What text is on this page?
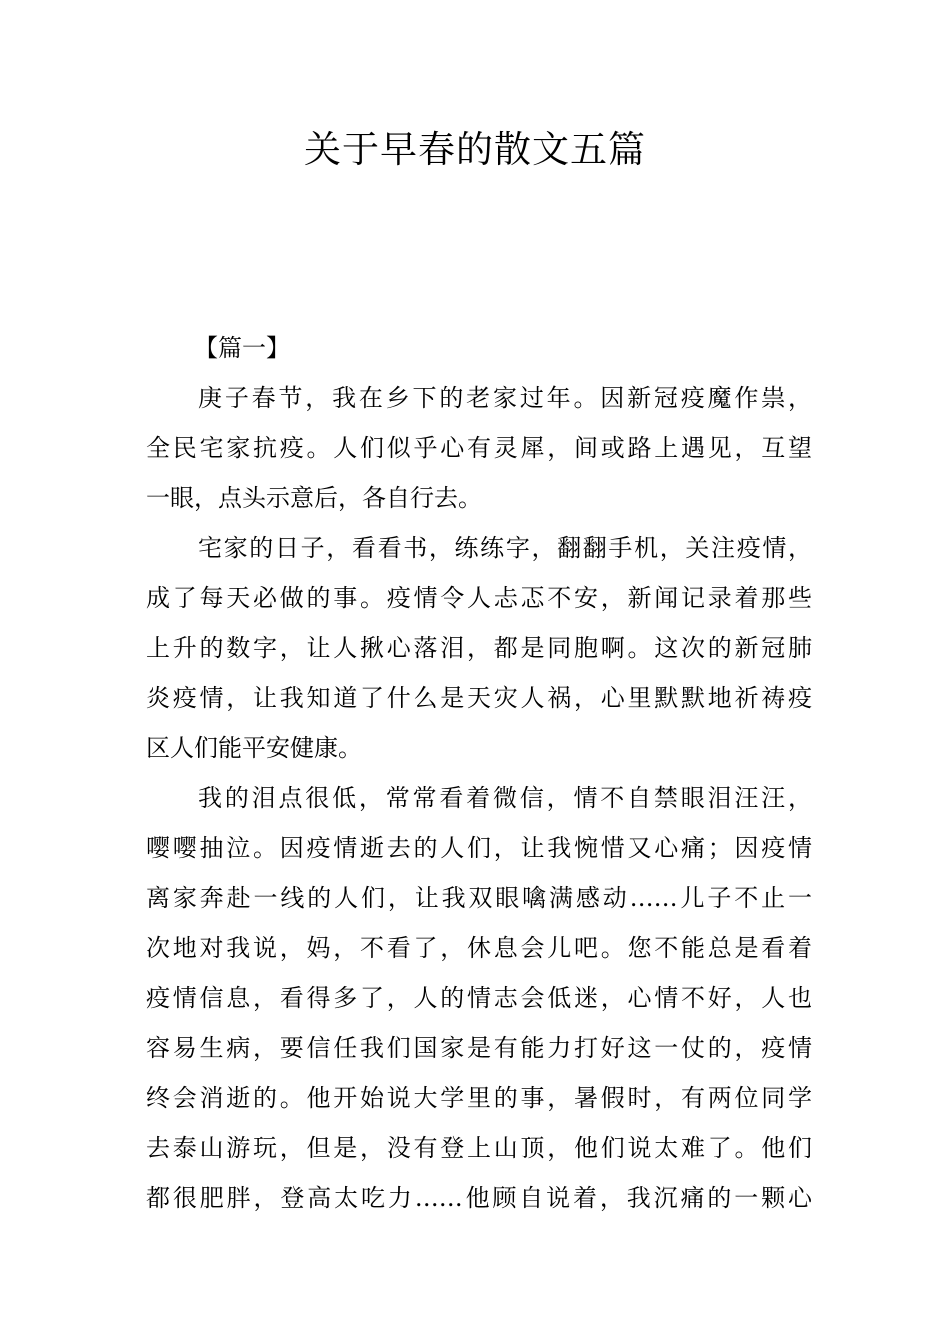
关于早春的散文五篇
【篇一】
庚子春节，我在乡下的老家过年。因新冠疫魔作祟，
全民宅家抗疫。人们似乎心有灵犀，间或路上遇见，互望
一眼，点头示意后，各自行去。
宅家的日子，看看书，练练字，翻翻手机，关注疫情，
成了每天必做的事。疫情令人忐忑不安，新闻记录着那些
上升的数字，让人揪心落泪，都是同胞啊。这次的新冠肺
炎疫情，让我知道了什么是天灾人祸，心里默默地祈祷疫
区人们能平安健康。
我的泪点很低，常常看着微信，情不自禁眼泪汪汪，
嘤嘤抽泣。因疫情逝去的人们，让我惋惜又心痛；因疫情
离家奔赴一线的人们，让我双眼噙满感动……儿子不止一
次地对我说，妈，不看了，休息会儿吧。您不能总是看着
疫情信息，看得多了，人的情志会低迷，心情不好，人也
容易生病，要信任我们国家是有能力打好这一仗的，疫情
终会消逝的。他开始说大学里的事，暑假时，有两位同学
去泰山游玩，但是，没有登上山顶，他们说太难了。他们
都很肥胖，登高太吃力……他顾自说着，我沉痛的一颗心
